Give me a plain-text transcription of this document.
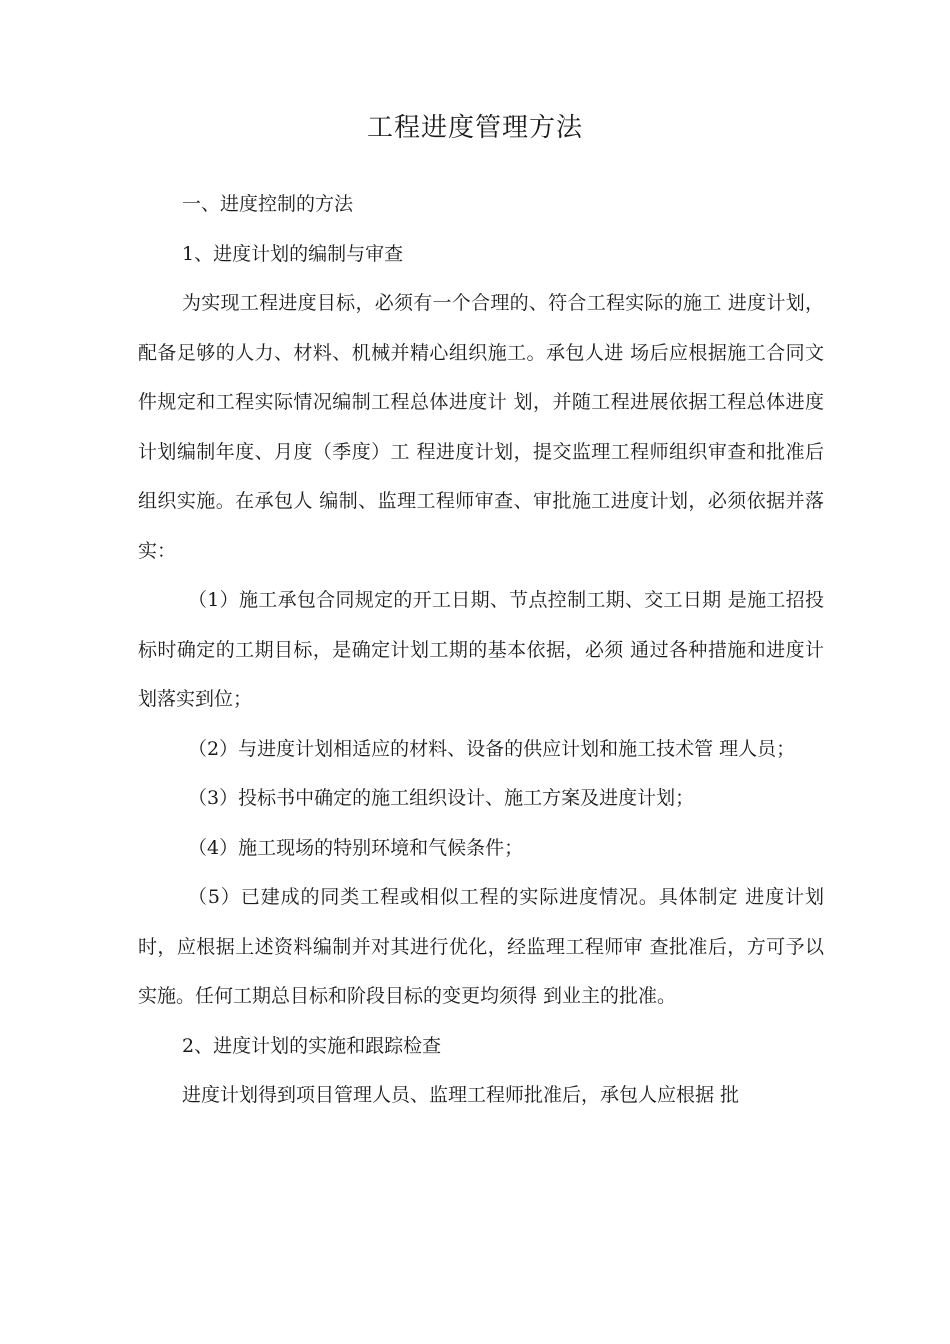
工程进度管理方法

一、进度控制的方法

1、进度计划的编制与审查

为实现工程进度目标，必须有一个合理的、符合工程实际的施工 进度计划，配备足够的人力、材料、机械并精心组织施工。承包人进 场后应根据施工合同文件规定和工程实际情况编制工程总体进度计 划，并随工程进展依据工程总体进度计划编制年度、月度（季度）工 程进度计划，提交监理工程师组织审查和批准后组织实施。在承包人 编制、监理工程师审查、审批施工进度计划，必须依据并落实：

（1）施工承包合同规定的开工日期、节点控制工期、交工日期 是施工招投标时确定的工期目标，是确定计划工期的基本依据，必须 通过各种措施和进度计划落实到位；

（2）与进度计划相适应的材料、设备的供应计划和施工技术管 理人员；

（3）投标书中确定的施工组织设计、施工方案及进度计划；

（4）施工现场的特别环境和气候条件；

（5）已建成的同类工程或相似工程的实际进度情况。具体制定 进度计划时，应根据上述资料编制并对其进行优化，经监理工程师审 查批准后，方可予以实施。任何工期总目标和阶段目标的变更均须得 到业主的批准。

2、进度计划的实施和跟踪检查

进度计划得到项目管理人员、监理工程师批准后，承包人应根据 批
